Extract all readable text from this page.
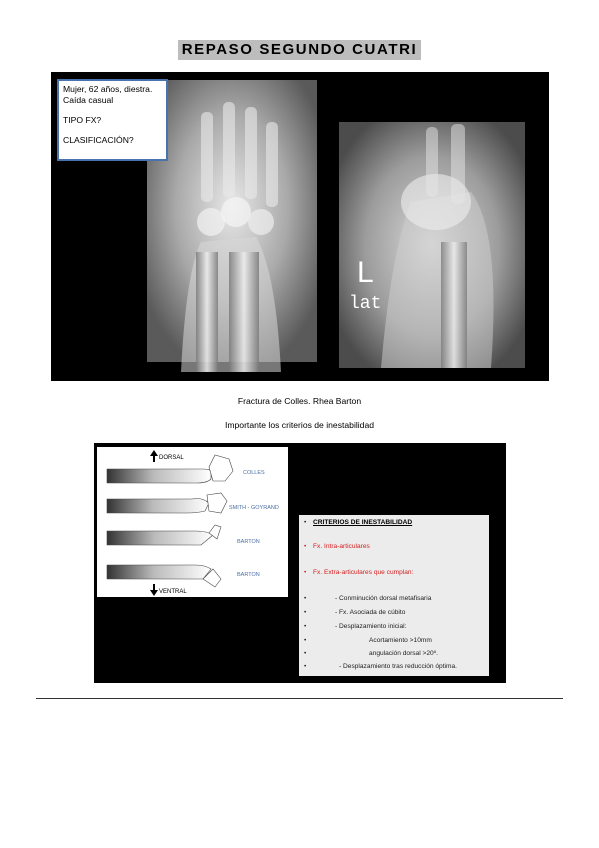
REPASO SEGUNDO CUATRI
L
lat
Mujer, 62 años, diestra.
Caída casual
TIPO FX?
CLASIFICACIÓN?
Fractura de Colles. Rhea Barton
Importante los criterios de inestabilidad
DORSAL
COLLES
SMITH - GOYRAND
BARTON
BARTON
VENTRAL
• CRITERIOS DE INESTABILIDAD
• Fx. Intra-articulares
• Fx. Extra-articulares que cumplan:
•	- Conminución dorsal metafisaria
•	- Fx. Asociada de cúbito
•	- Desplazamiento inicial:
•	Acortamiento >10mm
•	angulación dorsal >20º.
•	- Desplazamiento tras reducción óptima.
